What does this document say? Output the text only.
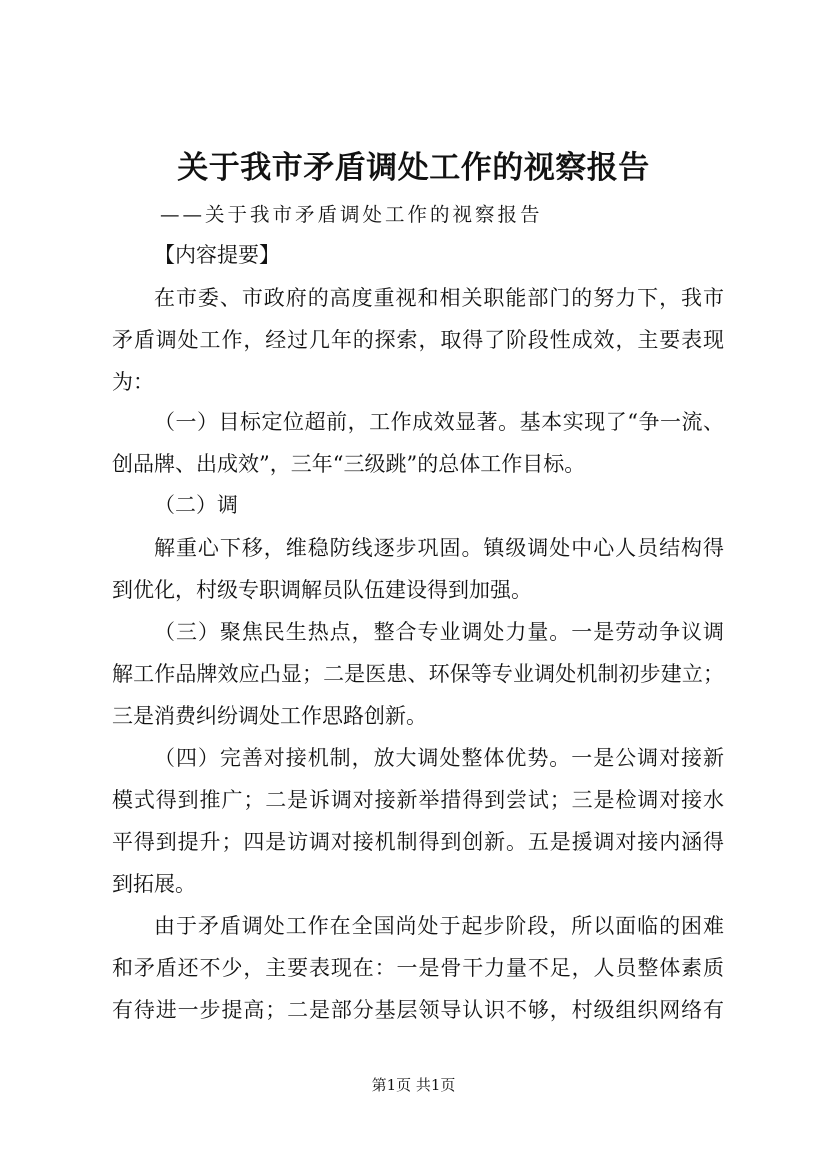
关于我市矛盾调处工作的视察报告

——关于我市矛盾调处工作的视察报告

【内容提要】

在市委、市政府的高度重视和相关职能部门的努力下，我市

矛盾调处工作，经过几年的探索，取得了阶段性成效，主要表现

为：

（一）目标定位超前，工作成效显著。基本实现了“争一流、

创品牌、出成效”，三年“三级跳”的总体工作目标。

（二）调

解重心下移，维稳防线逐步巩固。镇级调处中心人员结构得

到优化，村级专职调解员队伍建设得到加强。

（三）聚焦民生热点，整合专业调处力量。一是劳动争议调

解工作品牌效应凸显；二是医患、环保等专业调处机制初步建立；

三是消费纠纷调处工作思路创新。

（四）完善对接机制，放大调处整体优势。一是公调对接新

模式得到推广；二是诉调对接新举措得到尝试；三是检调对接水

平得到提升；四是访调对接机制得到创新。五是援调对接内涵得

到拓展。

由于矛盾调处工作在全国尚处于起步阶段，所以面临的困难

和矛盾还不少，主要表现在：一是骨干力量不足，人员整体素质

有待进一步提高；二是部分基层领导认识不够，村级组织网络有

第1页 共1页
